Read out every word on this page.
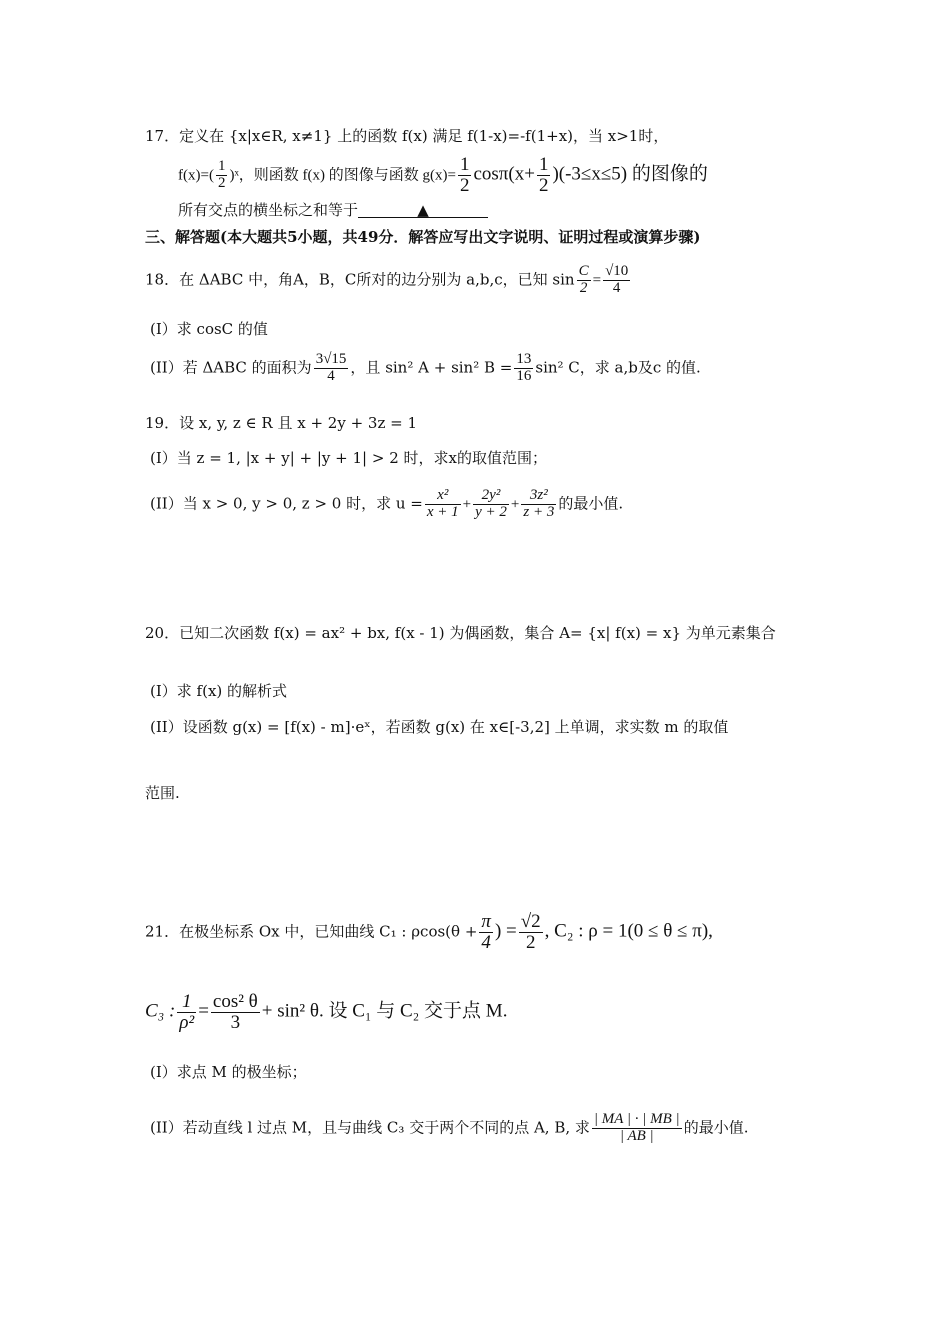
17．定义在 {x|x∈R, x≠1} 上的函数 f(x) 满足 f(1-x)=-f(1+x)，当 x>1时，
$f(x)=( \frac{1}{2}$ )ˣ，则函数 f(x) 的图像与函数 $g(x)= \frac{1}{2} \cos\pi(x+ \frac{1}{2} )(-3\le x\le 5)$ 的图像的
所有交点的横坐标之和等于	▲
三、解答题(本大题共5小题，共49分．解答应写出文字说明、证明过程或演算步骤)
18．在 ΔABC 中，角A，B，C所对的边分别为 a,b,c，已知 $\sin \frac{C}{2} = \frac{√10}{4}$
(I）求 cosC 的值
(II）若 ΔABC 的面积为 $\frac{3√15}{4}$ ，且 sin² A + sin² $B = \frac{13}{16} \sin^2$ C，求 a,b及c 的值.
19．设 x, y, z ∈ R 且 x + 2y + 3z = 1
(I）当 z = 1, |x + y| + |y + 1| > 2 时，求x的取值范围；
(II）当 x > 0, y > 0, z > 0 时，求 $u = \frac{\text{x²}}{x + 1} + \frac{\text{2y²}}{y + 2} + \frac{\text{3z²}}{z + 3}$ 的最小值.
20．已知二次函数 f(x) = ax² + bx, f(x - 1) 为偶函数，集合 A= {x| f(x) = x} 为单元素集合
(I）求 f(x) 的解析式
(II）设函数 g(x) = [f(x) - m]·eˣ，若函数 g(x) 在 x∈[-3,2] 上单调，求实数 m 的取值
范围.
21．在极坐标系 Ox 中，已知曲线 C₁ : $\rho\cos(\theta + \frac{\pi}{4}$ ) = $\frac{√2}{2}$ , C₂ : ρ = 1(0 ≤ θ ≤ π),
C₃ : $\frac{1}{\text{ρ²}} = \frac{\text{cos² θ}}{3} + \sin^2$ θ. 设 C₁ 与 C₂ 交于点 M.
(I）求点 M 的极坐标；
(II）若动直线 l 过点 M，且与曲线 C₃ 交于两个不同的点 A, B, 求 $\frac{| MA | \cdot | MB |}{| AB |}$ 的最小值.
